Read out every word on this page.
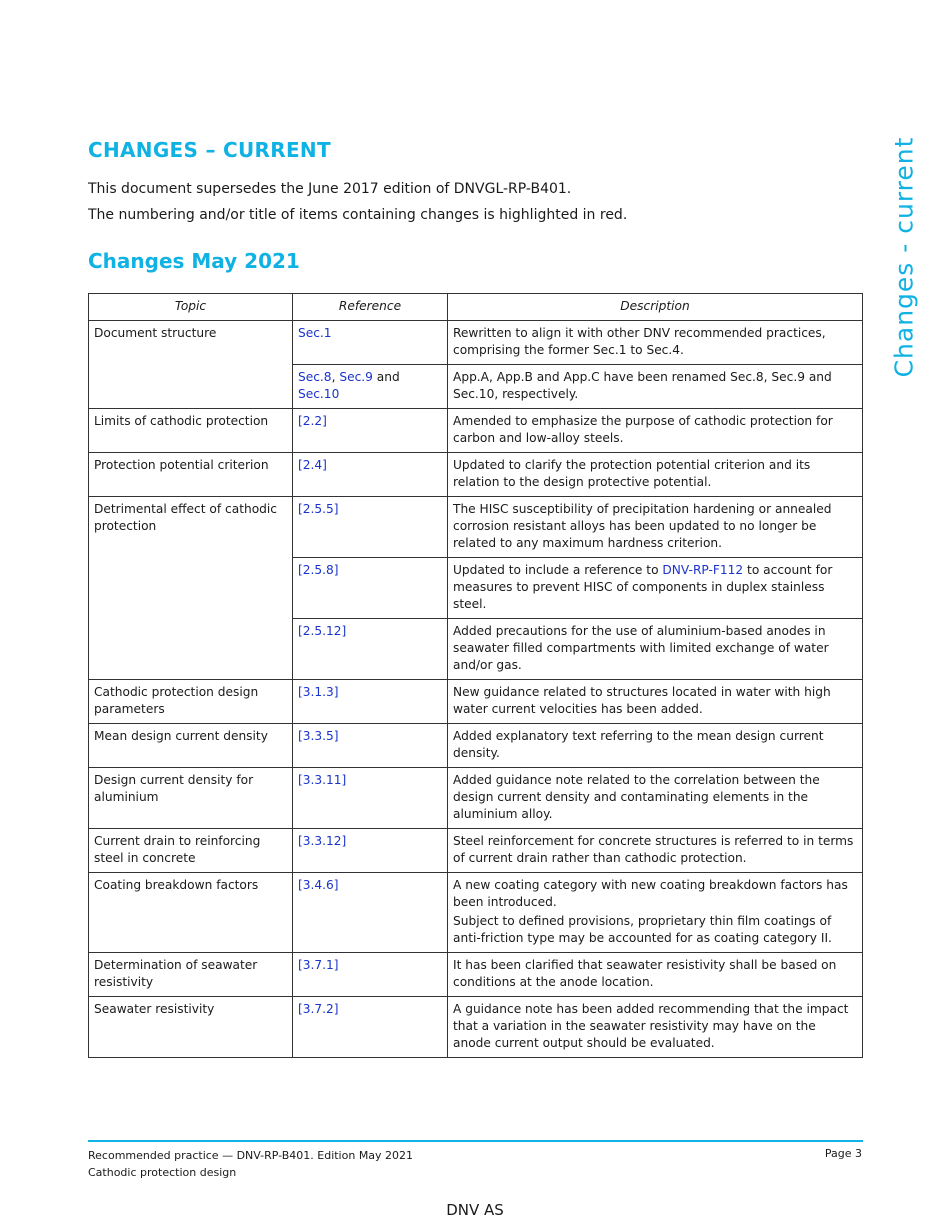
Changes - current
CHANGES – CURRENT

This document supersedes the June 2017 edition of DNVGL-RP-B401.

The numbering and/or title of items containing changes is highlighted in red.

Changes May 2021
Topic	Reference	Description
Document structure	Sec.1	Rewritten to align it with other DNV recommended practices, comprising the former Sec.1 to Sec.4.

	Sec.8, Sec.9 and Sec.10	App.A, App.B and App.C have been renamed Sec.8, Sec.9 and Sec.10, respectively.

Limits of cathodic protection	[2.2]	Amended to emphasize the purpose of cathodic protection for carbon and low-alloy steels.

Protection potential criterion	[2.4]	Updated to clarify the protection potential criterion and its relation to the design protective potential.

Detrimental effect of cathodic protection	[2.5.5]	The HISC susceptibility of precipitation hardening or annealed corrosion resistant alloys has been updated to no longer be related to any maximum hardness criterion.

	[2.5.8]	Updated to include a reference to DNV-RP-F112 to account for measures to prevent HISC of components in duplex stainless steel.
	[2.5.12]	Added precautions for the use of aluminium-based anodes in seawater filled compartments with limited exchange of water and/or gas.

Cathodic protection design parameters	[3.1.3]	New guidance related to structures located in water with high water current velocities has been added.

Mean design current density	[3.3.5]	Added explanatory text referring to the mean design current density.

Design current density for aluminium	[3.3.11]	Added guidance note related to the correlation between the design current density and contaminating elements in the aluminium alloy.

Current drain to reinforcing steel in concrete	[3.3.12]	Steel reinforcement for concrete structures is referred to in terms of current drain rather than cathodic protection.

Coating breakdown factors	[3.4.6]	A new coating category with new coating breakdown factors has been introduced.
Subject to defined provisions, proprietary thin film coatings of anti-friction type may be accounted for as coating category II.

Determination of seawater resistivity	[3.7.1]	It has been clarified that seawater resistivity shall be based on conditions at the anode location.

Seawater resistivity	[3.7.2]	A guidance note has been added recommending that the impact that a variation in the seawater resistivity may have on the anode current output should be evaluated.
Recommended practice — DNV-RP-B401. Edition May 2021
Cathodic protection design
Page 3
DNV AS
